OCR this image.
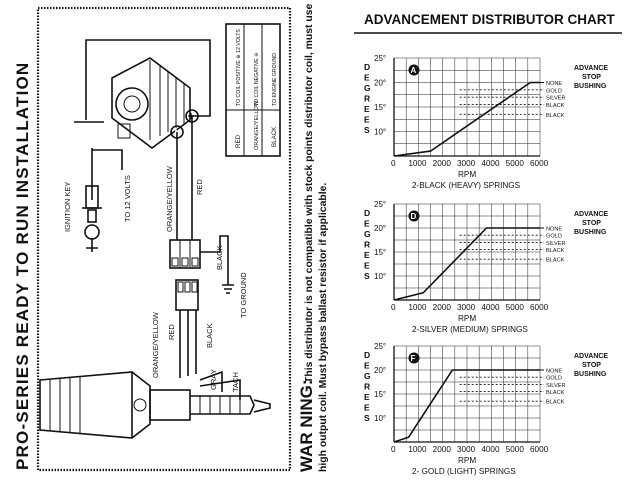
PRO-SERIES READY TO RUN INSTALLATION	WAR NING:
This distributor is not compatible with stock points distributor coil, must use high output coil. Must bypass ballast resistor if applicable.
RED ORANGE/YELLOW BLACK
TO COIL POSITIVE ⊕ 12 VOLTS TO COIL NEGATIVE ⊖ TO ENGINE GROUND
+
I
IGNITION KEY	TO 12 VOLTS	ORANGE/YELLOW	RED
BLACK
TO GROUND
ORANGE/YELLOW RED	BLACK
GRAY TACH
ADVANCEMENT DISTRIBUTOR CHART
25°
20°
15°
10°
0 1000 2000 3000 4000 5000 6000
D
E
G
R
E
E
S
RPM
2-BLACK (HEAVY) SPRINGS
A
NONE
GOLD
SILVER
BLACK
BLACK
ADVANCE
STOP
BUSHING
25°
20°
15°
10°
0 1000 2000 3000 4000 5000 6000
D
E
G
R
E
E
S
RPM
2-SILVER (MEDIUM) SPRINGS
D
NONE
GOLD
SILVER
BLACK
BLACK
ADVANCE
STOP
BUSHING
25°
20°
15°
10°
0 1000 2000 3000 4000 5000 6000
D
E
G
R
E
E
S
RPM
2- GOLD (LIGHT) SPRINGS
F
NONE
GOLD
SILVER
BLACK
BLACK
ADVANCE
STOP
BUSHING
